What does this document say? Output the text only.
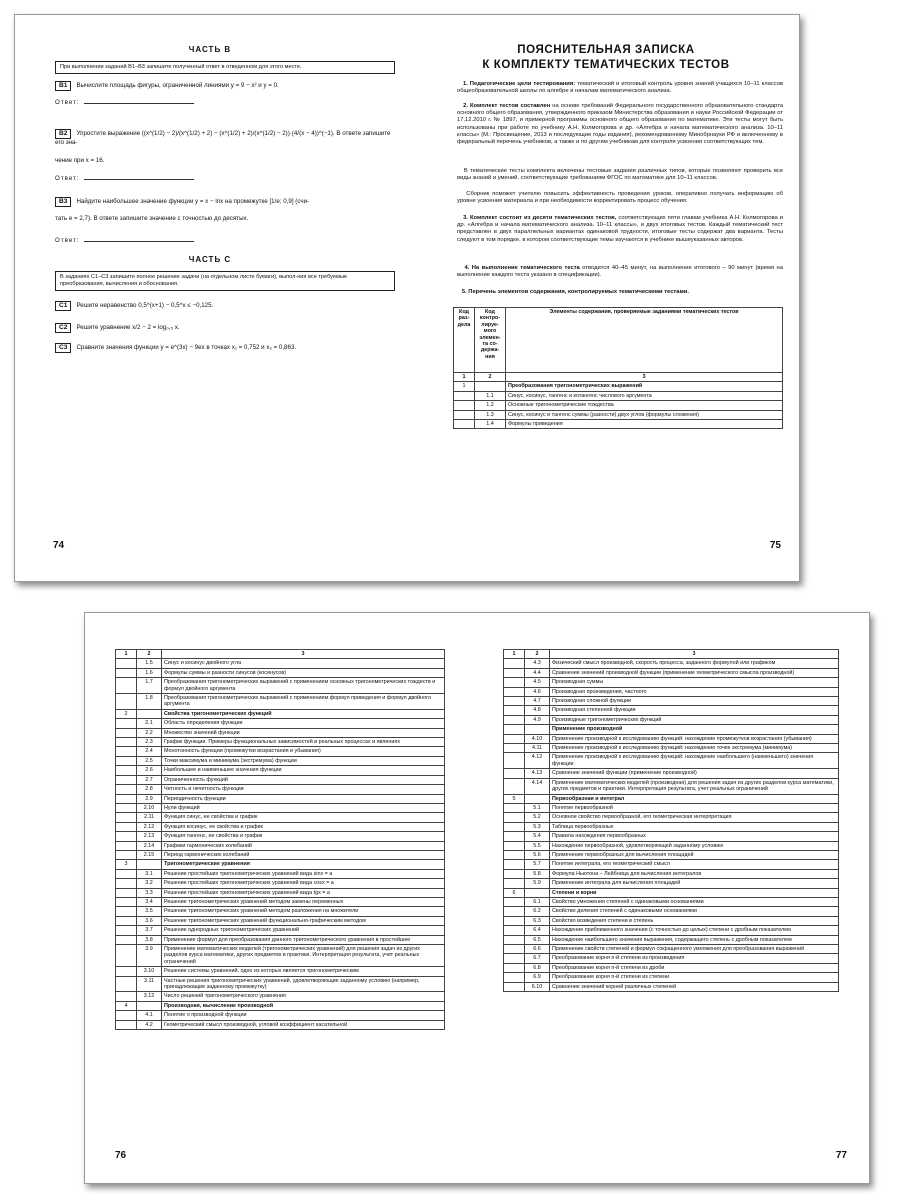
ЧАСТЬ В

При выполнении заданий В1–В3 запишите полученный ответ в отведенном для этого месте.
В1 Вычислите площадь фигуры, ограниченной линиями y = 9 − x² и y = 0.
Ответ:
В2 Упростите выражение ((x^(1/2) − 2)/(x^(1/2) + 2) − (x^(1/2) + 2)/(x^(1/2) − 2))·(4/(x − 4))^(−1). В ответе запишите его зна-
чение при x = 16.
Ответ:
В3 Найдите наибольшее значение функции y = x − lnx на промежутке [1/e; 0,9] (счи-
тать e = 2,7). В ответе запишите значение с точностью до десятых.
Ответ:

ЧАСТЬ С

В заданиях С1–С3 запишите полное решение задачи (на отдельном листе бумаги), выпол-ния все требуемые преобразования, вычисления и обоснования.
С1 Решите неравенство 0,5^(x+1) − 0,5^x ≤ −0,125.
С2 Решите уравнение x/2 − 2 = log₀,₅ x.
С3 Сравните значения функции y = e^(3x) − 9ex в точках x₁ = 0,752 и x₂ = 0,863.
74
ПОЯСНИТЕЛЬНАЯ ЗАПИСКА
К КОМПЛЕКТУ ТЕМАТИЧЕСКИХ ТЕСТОВ
1. Педагогические цели тестирования: тематический и итоговый контроль уровня знаний учащихся 10–11 классов общеобразовательной школы по алгебре и началам математического анализа.
2. Комплект тестов составлен на основе требований Федерального государственного образовательного стандарта основного общего образования, утвержденного приказом Министерства образования и науки Российской Федерации от 17.12.2010 г. № 1897, и примерной программы основного общего образования по математике. Эти тесты могут быть использованы при работе по учебнику А.Н. Колмогорова и др. «Алгебра и начала математического анализа. 10–11 классы» (М.: Просвещение, 2013 и последующие годы издания), рекомендованному Минобрнауки РФ и включенному в федеральный перечень учебников, а также и по другим учебникам для контроля усвоения соответствующих тем.
В тематические тесты комплекта включены тестовые задания различных типов, которые позволяют проверить все виды знаний и умений, соответствующие требованиям ФГОС по математике для 10–11 классов.
Сборник поможет учителю повысить эффективность проведения уроков, оперативно получать информацию об уровне усвоения материала и при необходимости корректировать процесс обучения.
3. Комплект состоит из десяти тематических тестов, соответствующих пяти главам учебника А.Н. Колмогорова и др. «Алгебра и начала математического анализа. 10–11 классы», и двух итоговых тестов. Каждый тематический тест представлен в двух параллельных вариантах одинаковой трудности, итоговые тесты содержат два варианта. Тесты следуют в том порядке, в котором соответствующие темы изучаются в учебнике вышеуказанных авторов.
4. На выполнение тематического теста отводится 40–45 минут, на выполнение итогового – 90 минут (время на выполнение каждого теста указано в спецификации).
5. Перечень элементов содержания, контролируемых тематическими тестами.
Код раз-дела	Код контро-лируе-мого элемен-та со-держа-ния	Элементы содержания, проверяемые заданиями тематических тестов
1	2	3
1		Преобразования тригонометрических выражений
	1.1	Синус, косинус, тангенс и котангенс числового аргумента
	1.2	Основные тригонометрические тождества
	1.3	Синус, косинус и тангенс суммы (разности) двух углов (формулы сложения)
	1.4	Формулы приведения
75
1	2	3
	1.5	Синус и косинус двойного угла
	1.6	Формулы суммы и разности синусов (косинусов)
	1.7	Преобразования тригонометрических выражений с применением основных тригонометрических тождеств и формул двойного аргумента
	1.8	Преобразования тригонометрических выражений с применением формул приведения и формул двойного аргумента
2		Свойства тригонометрических функций
	2.1	Область определения функции
	2.2	Множество значений функции
	2.3	График функции. Примеры функциональных зависимостей в реальных процессах и явлениях
	2.4	Монотонность функции (промежутки возрастания и убывания)
	2.5	Точки максимума и минимума (экстремума) функции
	2.6	Наибольшее и наименьшее значения функции
	2.7	Ограниченность функций
	2.8	Четность и нечетность функции
	2.9	Периодичность функции
	2.10	Нули функций
	2.11	Функция синус, ее свойства и график
	2.12	Функция косинус, ее свойства и график
	2.13	Функция тангенс, ее свойства и график
	2.14	Графики гармонических колебаний
	2.15	Период гармонических колебаний
3		Тригонометрические уравнения
	3.1	Решение простейших тригонометрических уравнений вида sinx = a
	3.2	Решение простейших тригонометрических уравнений вида cosx = a
	3.3	Решение простейших тригонометрических уравнений вида tgx = a
	3.4	Решение тригонометрических уравнений методом замены переменных
	3.5	Решение тригонометрических уравнений методом разложения на множители
	3.6	Решение тригонометрических уравнений функционально-графическим методом
	3.7	Решение однородных тригонометрических уравнений
	3.8	Применение формул для преобразования данного тригонометрического уравнения в простейшее
	3.9	Применение математических моделей (тригонометрических уравнений) для решения задач из других разделов курса математики, других предметов и практики. Интерпретация результата, учет реальных ограничений
	3.10	Решение системы уравнений, одно из которых является тригонометрическим
	3.11	Частные решения тригонометрических уравнений, удовлетворяющие заданному условию (например, принадлежащие заданному промежутку)
	3.12	Число решений тригонометрического уравнения
4		Производная, вычисление производной
	4.1	Понятие о производной функции
	4.2	Геометрический смысл производной, угловой коэффициент касательной
76
1	2	3
	4.3	Физический смысл производной, скорость процесса, заданного формулой или графиком
	4.4	Сравнение значений производной функции (применение геометрического смысла производной)
	4.5	Производная суммы
	4.6	Производная произведения, частного
	4.7	Производная сложной функции
	4.8	Производная степенной функции
	4.9	Производные тригонометрических функций
		Применение производной
	4.10	Применение производной к исследованию функций: нахождение промежутков возрастания (убывания)
	4.11	Применение производной к исследованию функций: нахождение точек экстремума (минимума)
	4.12	Применение производной к исследованию функций: нахождение наибольшего (наименьшего) значения функции
	4.13	Сравнение значений функции (применение производной)
	4.14	Применение математических моделей (производная) для решения задач из других разделов курса математики, других предметов и практики. Интерпретация результата, учет реальных ограничений
5		Первообразная и интеграл
	5.1	Понятие первообразной
	5.2	Основное свойство первообразной, его геометрическая интерпретация
	5.3	Таблица первообразных
	5.4	Правила нахождения первообразных
	5.5	Нахождение первообразной, удовлетворяющей заданному условию
	5.6	Применение первообразных для вычисления площадей
	5.7	Понятие интеграла, его геометрический смысл
	5.8	Формула Ньютона – Лейбница для вычисления интегралов
	5.9	Применение интеграла для вычисления площадей
6		Степени и корни
	6.1	Свойство умножения степеней с одинаковыми основаниями
	6.2	Свойство деления степеней с одинаковыми основаниями
	6.3	Свойство возведения степени в степень
	6.4	Нахождение приближенного значения (с точностью до целых) степени с дробным показателем
	6.5	Нахождение наибольшего значения выражения, содержащего степень с дробным показателем
	6.6	Применение свойств степеней и формул сокращенного умножения для преобразования выражений
	6.7	Преобразование корня n-й степени из произведения
	6.8	Преобразование корня n-й степени из дроби
	6.9	Преобразование корня n-й степени из степени
	6.10	Сравнение значений корней различных степеней
77
